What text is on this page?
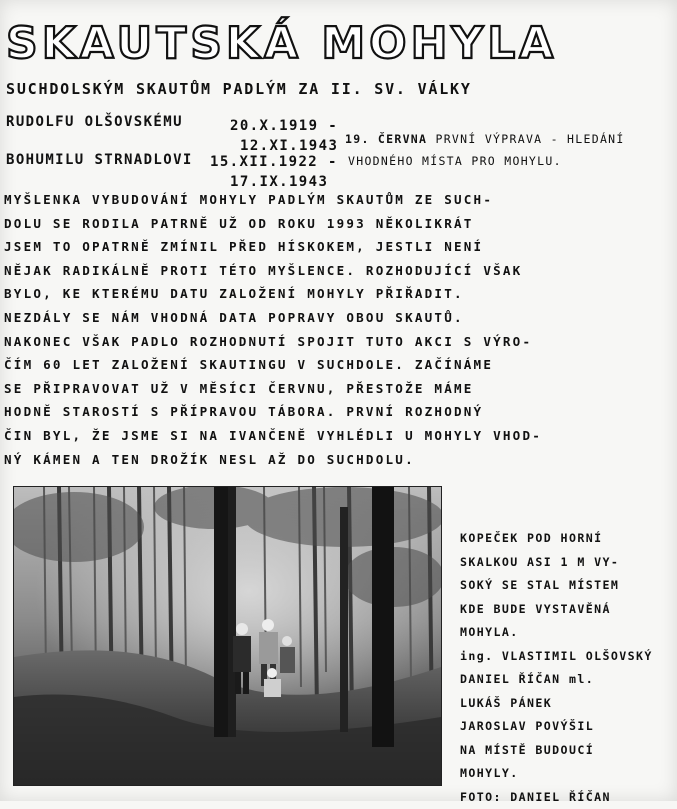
SKAUTSKÁ MOHYLA
SUCHDOLSKÝM SKAUTŮM PADLÝM ZA II. SV. VÁLKY
RUDOLFU OLŠOVSKÉMU	20.X.1919 -
12.XI.1943
BOHUMILU STRNADLOVI 15.XII.1922 -
17.IX.1943
19. ČERVNA PRVNÍ VÝPRAVA - HLEDÁNÍ
VHODNÉHO MÍSTA PRO MOHYLU.
MYŠLENKA VYBUDOVÁNÍ MOHYLY PADLÝM SKAUTŮM ZE SUCH-
DOLU SE RODILA PATRNĚ UŽ OD ROKU 1993 NĚKOLIKRÁT
JSEM TO OPATRNĚ ZMÍNIL PŘED HÍSKOKEM, JESTLI NENÍ
NĚJAK RADIKÁLNĚ PROTI TÉTO MYŠLENCE. ROZHODUJÍCÍ VŠAK
BYLO, KE KTERÉMU DATU ZALOŽENÍ MOHYLY PŘIŘADIT.
NEZDÁLY SE NÁM VHODNÁ DATA POPRAVY OBOU SKAUTŮ.
NAKONEC VŠAK PADLO ROZHODNUTÍ SPOJIT TUTO AKCI S VÝRO-
ČÍM 60 LET ZALOŽENÍ SKAUTINGU V SUCHDOLE. ZAČÍNÁME
SE PŘIPRAVOVAT UŽ V MĚSÍCI ČERVNU, PŘESTOŽE MÁME
HODNĚ STAROSTÍ S PŘÍPRAVOU TÁBORA. PRVNÍ ROZHODNÝ
ČIN BYL, ŽE JSME SI NA IVANČENĚ VYHLÉDLI U MOHYLY VHOD-
NÝ KÁMEN A TEN DROŽÍK NESL AŽ DO SUCHDOLU.
KOPEČEK POD HORNÍ
SKALKOU ASI 1 M VY-
SOKÝ SE STAL MÍSTEM
KDE BUDE VYSTAVĚNÁ
MOHYLA.
ing. VLASTIMIL OLŠOVSKÝ
DANIEL ŘÍČAN ml.
LUKÁŠ PÁNEK
JAROSLAV POVÝŠIL
NA MÍSTĚ BUDOUCÍ
MOHYLY.
FOTO: DANIEL ŘÍČAN
